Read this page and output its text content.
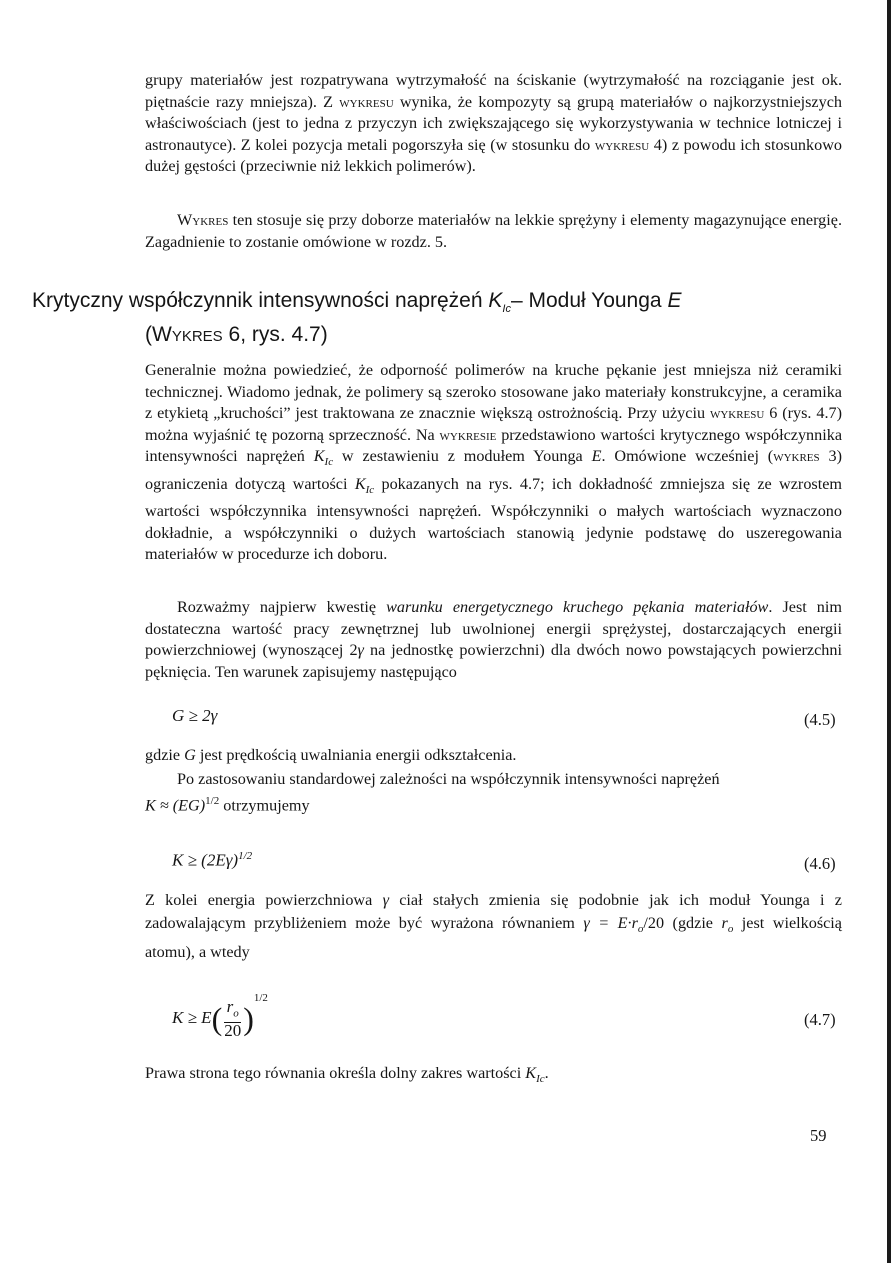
grupy materiałów jest rozpatrywana wytrzymałość na ściskanie (wytrzymałość na rozciąganie jest ok. piętnaście razy mniejsza). Z wykresu wynika, że kompozyty są grupą materiałów o najkorzystniejszych właściwościach (jest to jedna z przyczyn ich zwiększającego się wykorzystywania w technice lotniczej i astronautyce). Z kolei pozycja metali pogorszyła się (w stosunku do wykresu 4) z powodu ich stosunkowo dużej gęstości (przeciwnie niż lekkich polimerów).

Wykres ten stosuje się przy doborze materiałów na lekkie sprężyny i elementy magazynujące energię. Zagadnienie to zostanie omówione w rozdz. 5.

Krytyczny współczynnik intensywności naprężeń $K_{Ic}-$ Moduł Younga E
(Wykres 6, rys. 4.7)

Generalnie można powiedzieć, że odporność polimerów na kruche pękanie jest mniejsza niż ceramiki technicznej. Wiadomo jednak, że polimery są szeroko stosowane jako materiały konstrukcyjne, a ceramika z etykietą „kruchości” jest traktowana ze znacznie większą ostrożnością. Przy użyciu wykresu 6 (rys. 4.7) można wyjaśnić tę pozorną sprzeczność. Na wykresie przedstawiono wartości krytycznego współczynnika intensywności naprężeń $K_{Ic}$ w zestawieniu z modułem Younga E. Omówione wcześniej (wykres 3) ograniczenia dotyczą wartości $K_{Ic}$ pokazanych na rys. 4.7; ich dokładność zmniejsza się ze wzrostem wartości współczynnika intensywności naprężeń. Współczynniki o małych wartościach wyznaczono dokładnie, a współczynniki o dużych wartościach stanowią jedynie podstawę do uszeregowania materiałów w procedurze ich doboru.

Rozważmy najpierw kwestię warunku energetycznego kruchego pękania materiałów. Jest nim dostateczna wartość pracy zewnętrznej lub uwolnionej energii sprężystej, dostarczających energii powierzchniowej (wynoszącej 2γ na jednostkę powierzchni) dla dwóch nowo powstających powierzchni pęknięcia. Ten warunek zapisujemy następująco

G ≥ 2γ	(4.5)

gdzie G jest prędkością uwalniania energii odkształcenia.

Po zastosowaniu standardowej zależności na współczynnik intensywności naprężeń
K ≈ (EG)$^{1/2}$ otrzymujemy

$K \ge (2E\gamma)^{1/2}$	(4.6)

Z kolei energia powierzchniowa γ ciał stałych zmienia się podobnie jak ich moduł Younga i z zadowalającym przybliżeniem może być wyrażona równaniem $\gamma = E\cdot r_o/20$ (gdzie $r_o$ jest wielkością atomu), a wtedy

$K \ge E( \frac{r_o}{20} )^{1/2}$
(4.7)

Prawa strona tego równania określa dolny zakres wartości $K_{Ic}$.

59
